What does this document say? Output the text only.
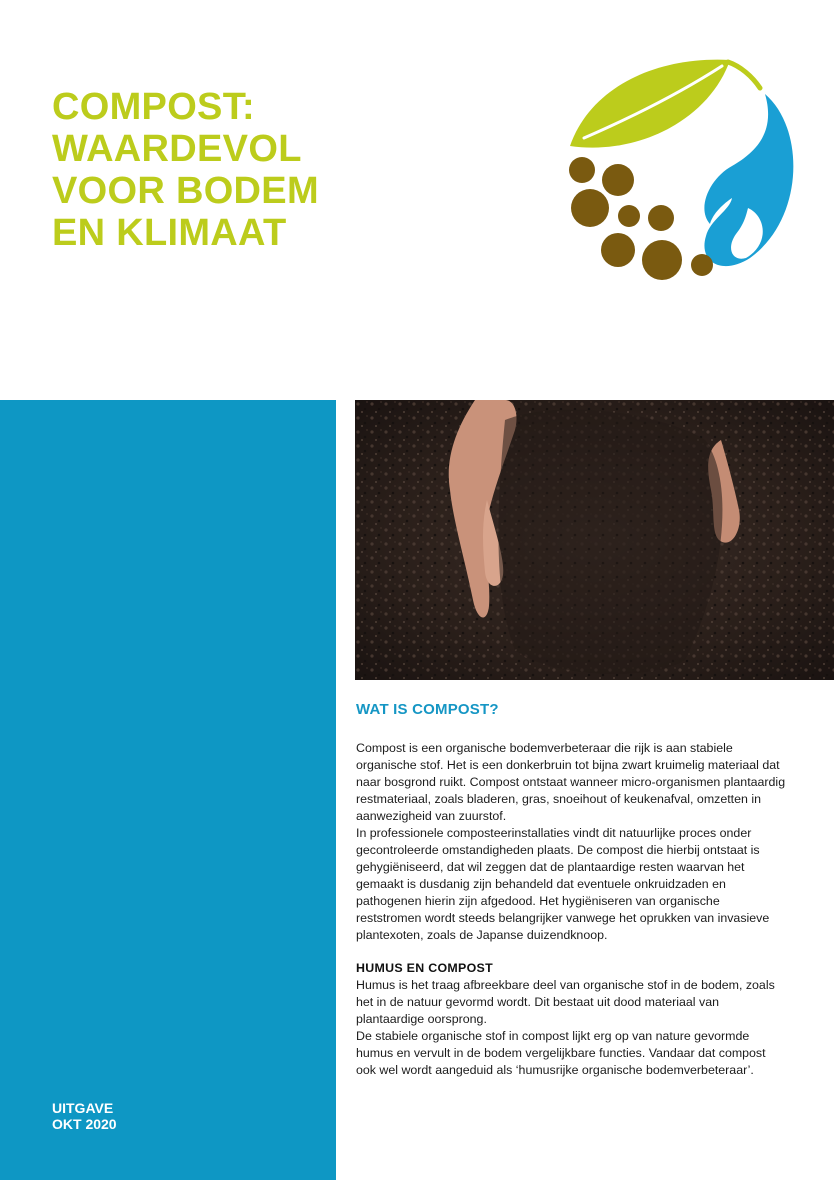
COMPOST:
WAARDEVOL
VOOR BODEM
EN KLIMAAT
UITGAVE
OKT 2020
WAT IS COMPOST?

Compost is een organische bodemverbeteraar die rijk is aan stabiele organische stof. Het is een donkerbruin tot bijna zwart kruimelig materiaal dat naar bosgrond ruikt. Compost ontstaat wanneer micro-organismen plantaardig restmateriaal, zoals bladeren, gras, snoeihout of keukenafval, omzetten in aanwezigheid van zuurstof.

In professionele composteerinstallaties vindt dit natuurlijke proces onder gecontroleerde omstandigheden plaats. De compost die hierbij ontstaat is gehygiëniseerd, dat wil zeggen dat de plantaardige resten waarvan het gemaakt is dusdanig zijn behandeld dat eventuele onkruidzaden en pathogenen hierin zijn afgedood. Het hygiëniseren van organische reststromen wordt steeds belangrijker vanwege het oprukken van invasieve plantexoten, zoals de Japanse duizendknoop.

HUMUS EN COMPOST

Humus is het traag afbreekbare deel van organische stof in de bodem, zoals het in de natuur gevormd wordt. Dit bestaat uit dood materiaal van plantaardige oorsprong.

De stabiele organische stof in compost lijkt erg op van nature gevormde humus en vervult in de bodem vergelijkbare functies. Vandaar dat compost ook wel wordt aangeduid als ‘humusrijke organische bodemverbeteraar’.
